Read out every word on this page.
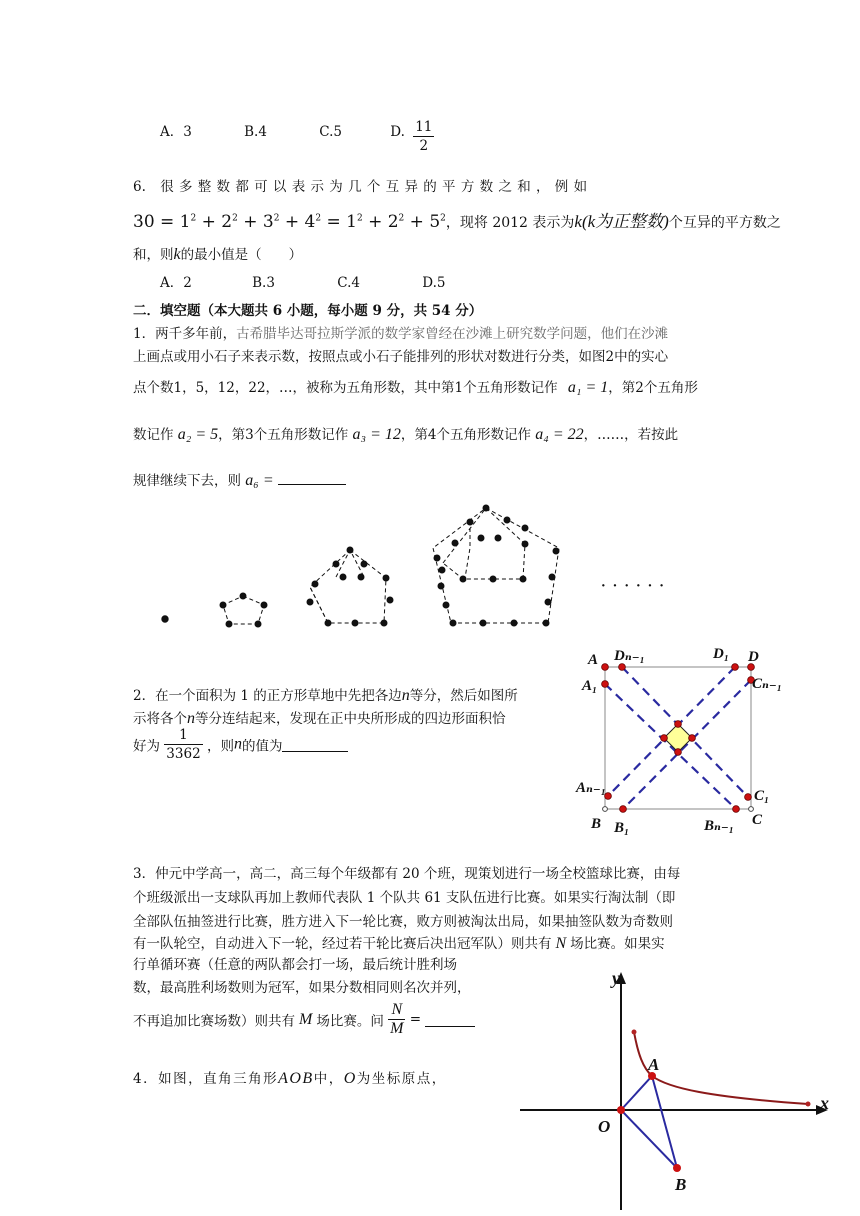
A．3	B.4	C.5	D. $\frac{11}{2}$
6. 很 多 整 数 都 可 以 表 示 为 几 个 互 异 的 平 方 数 之 和 ， 例 如
$30 = 1^2 + 2^2 + 3^2 + 4^2 = 1^2 + 2^2 + 5^2$，现将 2012 表示为k(k为正整数)个互异的平方数之
和，则k的最小值是（　　）
A．2	B.3	C.4	D.5
二．填空题（本大题共 6 小题，每小题 9 分，共 54 分）
1．两千多年前，古希腊毕达哥拉斯学派的数学家曾经在沙滩上研究数学问题，他们在沙滩
上画点或用小石子来表示数，按照点或小石子能排列的形状对数进行分类，如图2中的实心
点个数1，5，12，22，…，被称为五角形数，其中第1个五角形数记作 a₁ = 1，第2个五角形
数记作 a₂ = 5，第3个五角形数记作 a₃ = 12，第4个五角形数记作 a₄ = 22，……，若按此
规律继续下去，则 a₆ =
· · · · · ·
2．在一个面积为 1 的正方形草地中先把各边n等分，然后如图所
示将各个n等分连结起来，发现在正中央所形成的四边形面积恰
好为 $\frac{1}{3362}$ ，则n的值为
A Dₙ₋₁	D₁ D
A₁	Cₙ₋₁
Aₙ₋₁	C₁
B B₁	Bₙ₋₁ C
3．仲元中学高一，高二，高三每个年级都有 20 个班，现策划进行一场全校篮球比赛，由每
个班级派出一支球队再加上教师代表队 1 个队共 61 支队伍进行比赛。如果实行淘汰制（即
全部队伍抽签进行比赛，胜方进入下一轮比赛，败方则被淘汰出局，如果抽签队数为奇数则
有一队轮空，自动进入下一轮，经过若干轮比赛后决出冠军队）则共有 N 场比赛。如果实
行单循环赛（任意的两队都会打一场，最后统计胜利场
数，最高胜利场数则为冠军，如果分数相同则名次并列，
不再追加比赛场数）则共有 M 场比赛。问 $\frac{N}{M}$ =
4．如图，直角三角形AOB中，O为坐标原点，
y
x
O
A
B
